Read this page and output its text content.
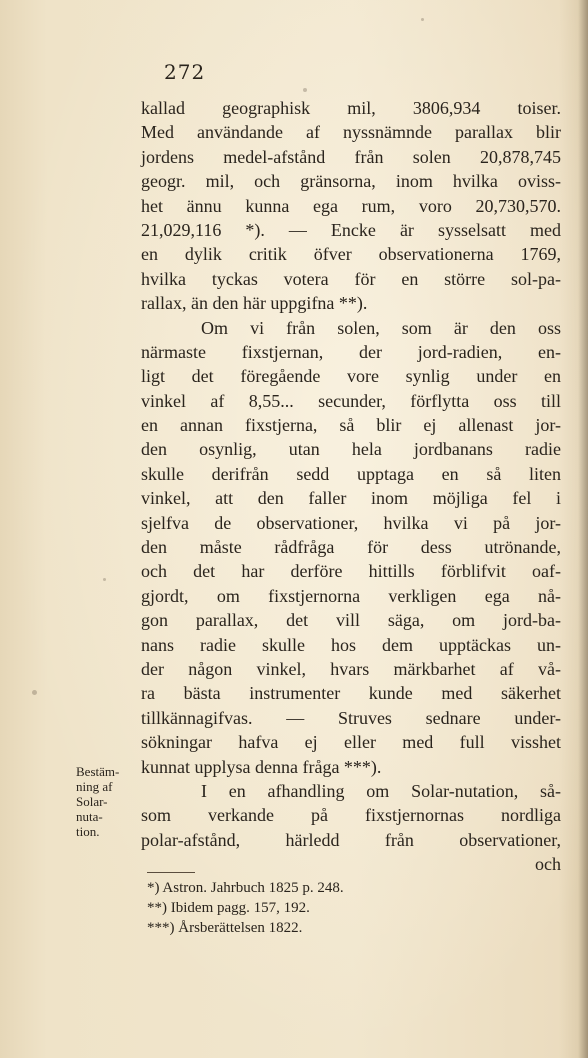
272
kallad geographisk mil, 3806,934 toiser.
Med användande af nyssnämnde parallax blir
jordens medel-afstånd från solen 20,878,745
geogr. mil, och gränsorna, inom hvilka oviss-
het ännu kunna ega rum, voro 20,730,570.
21,029,116 *). — Encke är sysselsatt med
en dylik critik öfver observationerna 1769,
hvilka tyckas votera för en större sol-pa-
rallax, än den här uppgifna **).
Om vi från solen, som är den oss
närmaste fixstjernan, der jord-radien, en-
ligt det föregående vore synlig under en
vinkel af 8,55... secunder, förflytta oss till
en annan fixstjerna, så blir ej allenast jor-
den osynlig, utan hela jordbanans radie
skulle derifrån sedd upptaga en så liten
vinkel, att den faller inom möjliga fel i
sjelfva de observationer, hvilka vi på jor-
den måste rådfråga för dess utrönande,
och det har derföre hittills förblifvit oaf-
gjordt, om fixstjernorna verkligen ega nå-
gon parallax, det vill säga, om jord-ba-
nans radie skulle hos dem upptäckas un-
der någon vinkel, hvars märkbarhet af vå-
ra bästa instrumenter kunde med säkerhet
tillkännagifvas. — Struves sednare under-
sökningar hafva ej eller med full visshet
kunnat upplysa denna fråga ***).
I en afhandling om Solar-nutation, så-
som verkande på fixstjernornas nordliga
polar-afstånd, härledd från observationer,
och
Bestäm-
ning af
Solar-
nuta-
tion.
*) Astron. Jahrbuch 1825 p. 248.
**) Ibidem pagg. 157, 192.
***) Årsberättelsen 1822.
